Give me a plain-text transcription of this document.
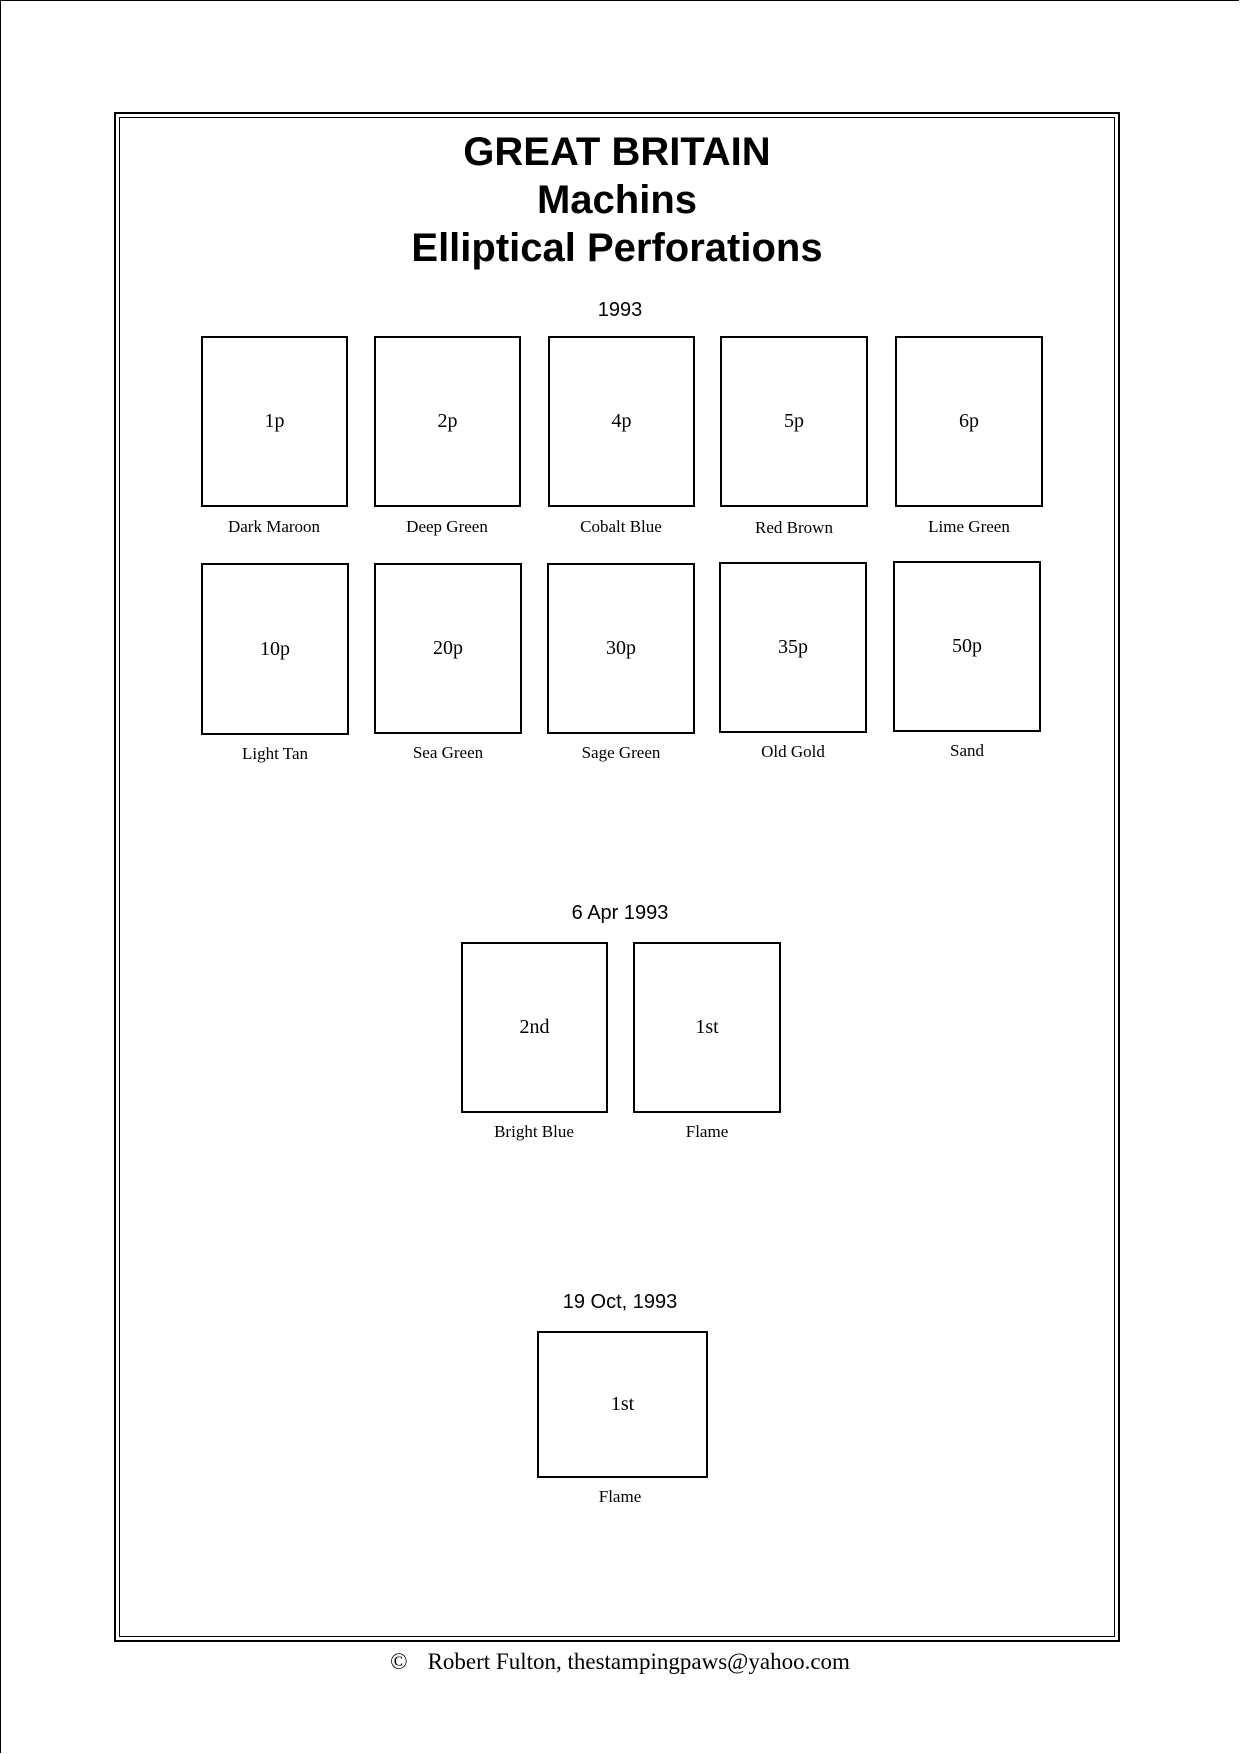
GREAT BRITAIN
Machins
Elliptical Perforations
1993
1p
Dark Maroon
2p
Deep Green
4p
Cobalt Blue
5p
Red Brown
6p
Lime Green
10p
Light Tan
20p
Sea Green
30p
Sage Green
35p
Old Gold
50p
Sand
6 Apr 1993
2nd
Bright Blue
1st
Flame
19 Oct, 1993
1st
Flame
© Robert Fulton, thestampingpaws@yahoo.com
